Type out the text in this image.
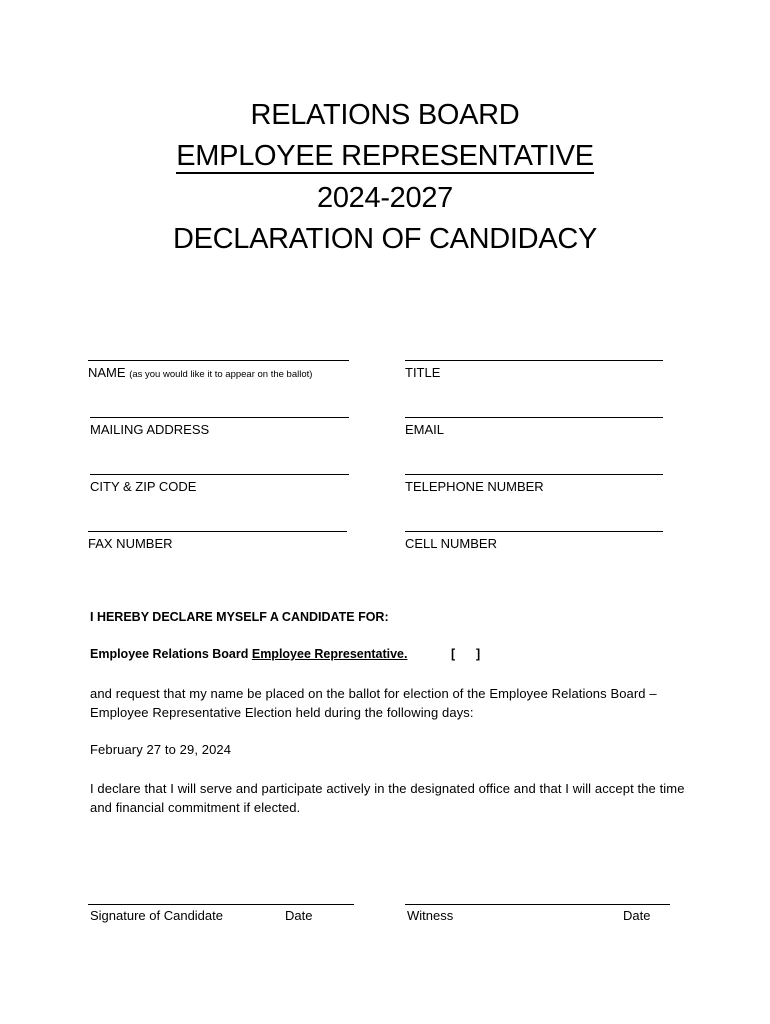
RELATIONS BOARD
EMPLOYEE REPRESENTATIVE
2024-2027
DECLARATION OF CANDIDACY
NAME (as you would like it to appear on the ballot)	TITLE
MAILING ADDRESS	EMAIL
CITY & ZIP CODE	TELEPHONE NUMBER
FAX NUMBER	CELL NUMBER
I HEREBY DECLARE MYSELF A CANDIDATE FOR:
Employee Relations Board Employee Representative.	[      ]
and request that my name be placed on the ballot for election of the Employee Relations Board – Employee Representative Election held during the following days:
February 27 to 29, 2024
I declare that I will serve and participate actively in the designated office and that I will accept the time and financial commitment if elected.
Signature of Candidate	Date	Witness	Date
